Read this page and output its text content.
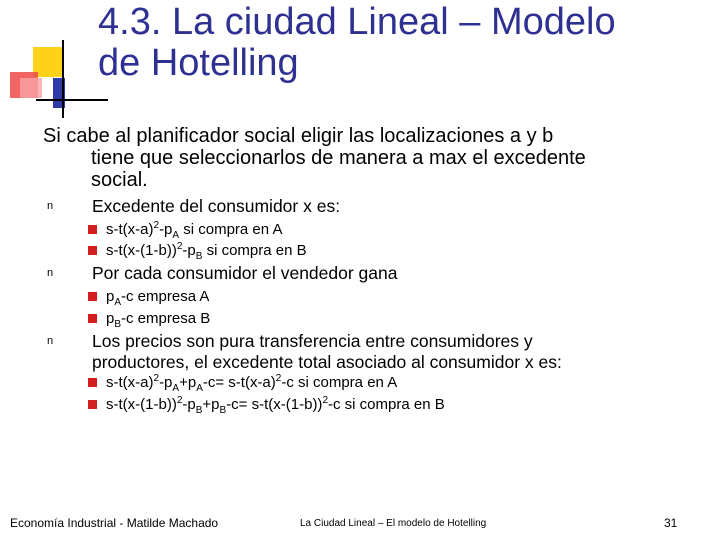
4.3. La ciudad Lineal – Modelo
de Hotelling
Si cabe al planificador social eligir las localizaciones a y b
tiene que seleccionarlos de manera a max el excedente
social.
n Excedente del consumidor x es:
$s-t(x-a)^2-p_A$ si compra en A
$s-t(x-(1-b))^2-p_B$ si compra en B
n Por cada consumidor el vendedor gana
$p_A-c$ empresa A
$p_B-c$ empresa B
n Los precios son pura transferencia entre consumidores y
productores, el excedente total asociado al consumidor x es:
$s-t(x-a)^2-p_A+p_A-c= s-t(x-a)^2-c$ si compra en A
$s-t(x-(1-b))^2-p_B+p_B-c= s-t(x-(1-b))^2-c$ si compra en B
Economía Industrial - Matilde Machado	La Ciudad Lineal – El modelo de Hotelling	31
